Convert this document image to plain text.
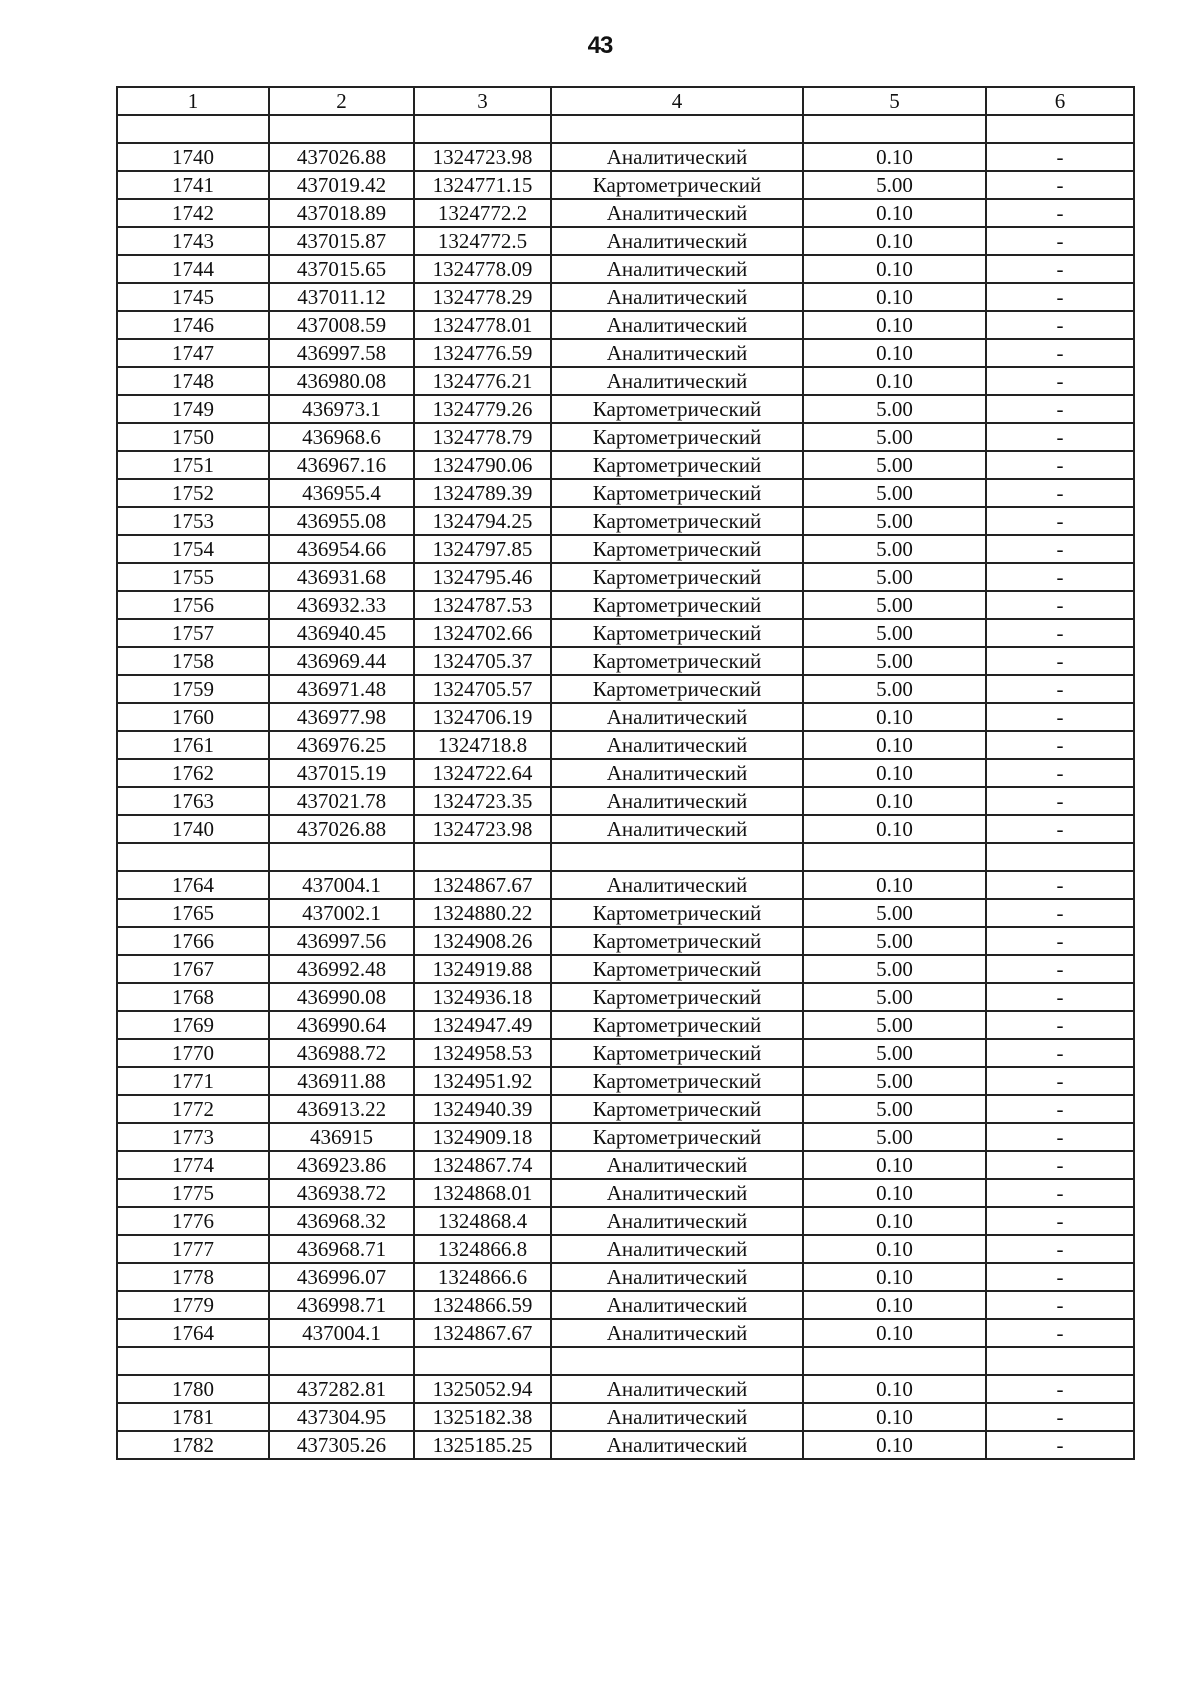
43
1	2	3	4	5	6

1740	437026.88	1324723.98	Аналитический	0.10	-
1741	437019.42	1324771.15	Картометрический	5.00	-
1742	437018.89	1324772.2	Аналитический	0.10	-
1743	437015.87	1324772.5	Аналитический	0.10	-
1744	437015.65	1324778.09	Аналитический	0.10	-
1745	437011.12	1324778.29	Аналитический	0.10	-
1746	437008.59	1324778.01	Аналитический	0.10	-
1747	436997.58	1324776.59	Аналитический	0.10	-
1748	436980.08	1324776.21	Аналитический	0.10	-
1749	436973.1	1324779.26	Картометрический	5.00	-
1750	436968.6	1324778.79	Картометрический	5.00	-
1751	436967.16	1324790.06	Картометрический	5.00	-
1752	436955.4	1324789.39	Картометрический	5.00	-
1753	436955.08	1324794.25	Картометрический	5.00	-
1754	436954.66	1324797.85	Картометрический	5.00	-
1755	436931.68	1324795.46	Картометрический	5.00	-
1756	436932.33	1324787.53	Картометрический	5.00	-
1757	436940.45	1324702.66	Картометрический	5.00	-
1758	436969.44	1324705.37	Картометрический	5.00	-
1759	436971.48	1324705.57	Картометрический	5.00	-
1760	436977.98	1324706.19	Аналитический	0.10	-
1761	436976.25	1324718.8	Аналитический	0.10	-
1762	437015.19	1324722.64	Аналитический	0.10	-
1763	437021.78	1324723.35	Аналитический	0.10	-
1740	437026.88	1324723.98	Аналитический	0.10	-

1764	437004.1	1324867.67	Аналитический	0.10	-
1765	437002.1	1324880.22	Картометрический	5.00	-
1766	436997.56	1324908.26	Картометрический	5.00	-
1767	436992.48	1324919.88	Картометрический	5.00	-
1768	436990.08	1324936.18	Картометрический	5.00	-
1769	436990.64	1324947.49	Картометрический	5.00	-
1770	436988.72	1324958.53	Картометрический	5.00	-
1771	436911.88	1324951.92	Картометрический	5.00	-
1772	436913.22	1324940.39	Картометрический	5.00	-
1773	436915	1324909.18	Картометрический	5.00	-
1774	436923.86	1324867.74	Аналитический	0.10	-
1775	436938.72	1324868.01	Аналитический	0.10	-
1776	436968.32	1324868.4	Аналитический	0.10	-
1777	436968.71	1324866.8	Аналитический	0.10	-
1778	436996.07	1324866.6	Аналитический	0.10	-
1779	436998.71	1324866.59	Аналитический	0.10	-
1764	437004.1	1324867.67	Аналитический	0.10	-

1780	437282.81	1325052.94	Аналитический	0.10	-
1781	437304.95	1325182.38	Аналитический	0.10	-
1782	437305.26	1325185.25	Аналитический	0.10	-
